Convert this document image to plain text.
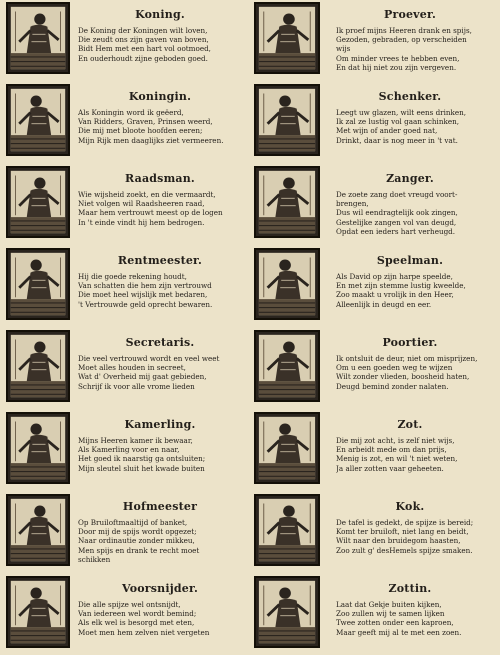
Koning.
De Koning der Koningen wilt loven,
Die zeudt ons zijn gaven van boven,
Bidt Hem met een hart vol ootmoed,
En ouderhoudt zijne geboden goed.
Koningin.
Als Koningin word ik geëerd,
Van Ridders, Graven, Prinsen weerd,
Die mij met bloote hoofden eeren;
Mijn Rijk men daaglijks ziet vermeeren.
Raadsman.
Wie wijsheid zoekt, en die vermaardt,
Niet volgen wil Raadsheeren raad,
Maar hem vertrouwt meest op de logen
In 't einde vindt hij hem bedrogen.
Rentmeester.
Hij die goede rekening houdt,
Van schatten die hem zijn vertrouwd
Die moet heel wijslijk met bedaren,
't Vertrouwde geld oprecht bewaren.
Secretaris.
Die veel vertrouwd wordt en veel weet
Moet alles houden in secreet,
Wat d' Overheid mij gaat gebieden,
Schrijf ik voor alle vrome lieden
Kamerling.
Mijns Heeren kamer ik bewaar,
Als Kamerling voor en naar,
Het goed ik naarstig ga ontsluiten;
Mijn sleutel sluit het kwade buiten
Hofmeester
Op Bruiloftmaaltijd of banket,
Door mij de spijs wordt opgezet;
Naar ordinautie zonder mikkeu,
Men spijs en drank te recht moet
schikken
Voorsnijder.
Die alle spijze wel ontsnijdt,
Van iedereen wel wordt bemind;
Als elk wel is besorgd met eten,
Moet men hem zelven niet vergeten
Proever.
Ik proef mijns Heeren drank en spijs,
Gezoden, gebraden, op verscheiden
wijs
Om minder vrees te hebben even,
En dat hij niet zou zijn vergeven.
Schenker.
Leegt uw glazen, wilt eens drinken,
Ik zal ze lustig vol gaan schinken,
Met wijn of ander goed nat,
Drinkt, daar is nog meer in 't vat.
Zanger.
De zoete zang doet vreugd voort-
brengen,
Dus wil eendragtelijk ook zingen,
Gestelijke zangen vol van deugd,
Opdat een ieders hart verheugd.
Speelman.
Als David op zijn harpe speelde,
En met zijn stemme lustig kweelde,
Zoo maakt u vrolijk in den Heer,
Alleenlijk in deugd en eer.
Poortier.
Ik ontsluit de deur, niet om misprijzen,
Om u een goeden weg te wijzen
Wilt zonder vlieden, boosheid haten,
Deugd bemind zonder nalaten.
Zot.
Die mij zot acht, is zelf niet wijs,
En arbeidt mede om dan prijs,
Menig is zot, en wil 't niet weten,
Ja aller zotten vaar geheeten.
Kok.
De tafel is gedekt, de spijze is bereid;
Komt ter bruiloft, niet lang en beidt,
Wilt naar den bruidegom haasten,
Zoo zult g' desHemels spijze smaken.
Zottin.
Laat dat Gekje buiten kijken,
Zoo zullen wij te samen lijken
Twee zotten onder een kaproen,
Maar geeft mij al te met een zoen.
